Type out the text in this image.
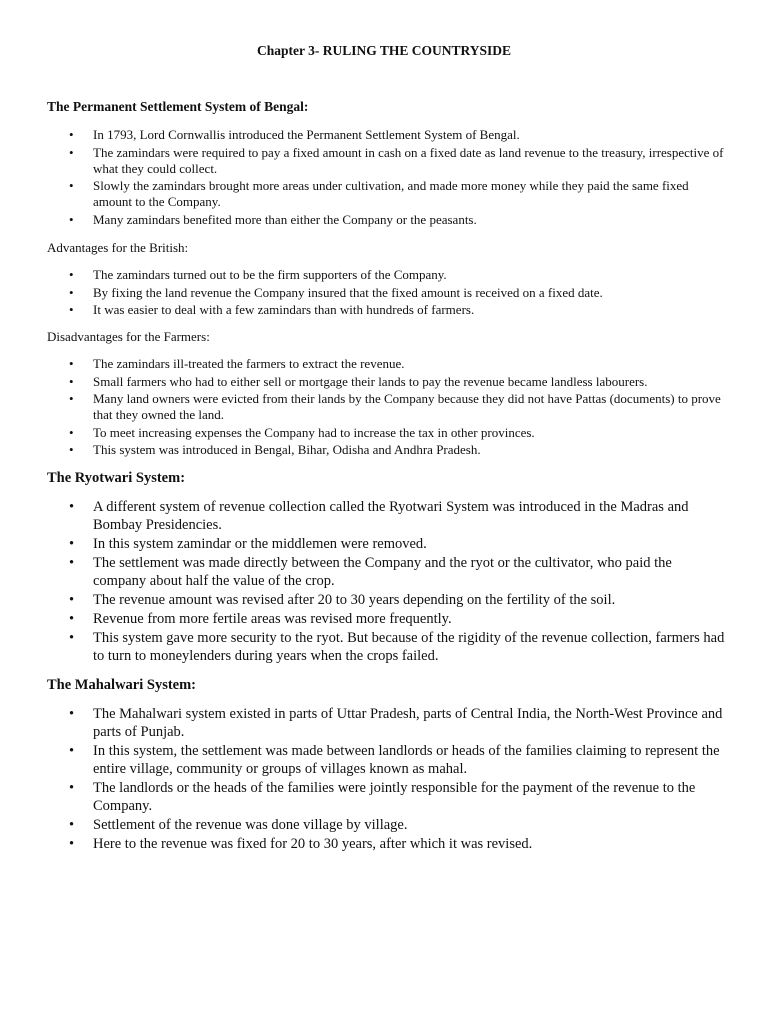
Chapter 3- RULING THE COUNTRYSIDE

The Permanent Settlement System of Bengal:

• In 1793, Lord Cornwallis introduced the Permanent Settlement System of Bengal.
• The zamindars were required to pay a fixed amount in cash on a fixed date as land revenue to the treasury, irrespective of what they could collect.
• Slowly the zamindars brought more areas under cultivation, and made more money while they paid the same fixed amount to the Company.
• Many zamindars benefited more than either the Company or the peasants.

Advantages for the British:

• The zamindars turned out to be the firm supporters of the Company.
• By fixing the land revenue the Company insured that the fixed amount is received on a fixed date.
• It was easier to deal with a few zamindars than with hundreds of farmers.

Disadvantages for the Farmers:

• The zamindars ill-treated the farmers to extract the revenue.
• Small farmers who had to either sell or mortgage their lands to pay the revenue became landless labourers.
• Many land owners were evicted from their lands by the Company because they did not have Pattas (documents) to prove that they owned the land.
• To meet increasing expenses the Company had to increase the tax in other provinces.
• This system was introduced in Bengal, Bihar, Odisha and Andhra Pradesh.

The Ryotwari System:

• A different system of revenue collection called the Ryotwari System was introduced in the Madras and Bombay Presidencies.
• In this system zamindar or the middlemen were removed.
• The settlement was made directly between the Company and the ryot or the cultivator, who paid the company about half the value of the crop.
• The revenue amount was revised after 20 to 30 years depending on the fertility of the soil.
• Revenue from more fertile areas was revised more frequently.
• This system gave more security to the ryot. But because of the rigidity of the revenue collection, farmers had to turn to moneylenders during years when the crops failed.

The Mahalwari System:

• The Mahalwari system existed in parts of Uttar Pradesh, parts of Central India, the North-West Province and parts of Punjab.
• In this system, the settlement was made between landlords or heads of the families claiming to represent the entire village, community or groups of villages known as mahal.
• The landlords or the heads of the families were jointly responsible for the payment of the revenue to the Company.
• Settlement of the revenue was done village by village.
• Here to the revenue was fixed for 20 to 30 years, after which it was revised.
